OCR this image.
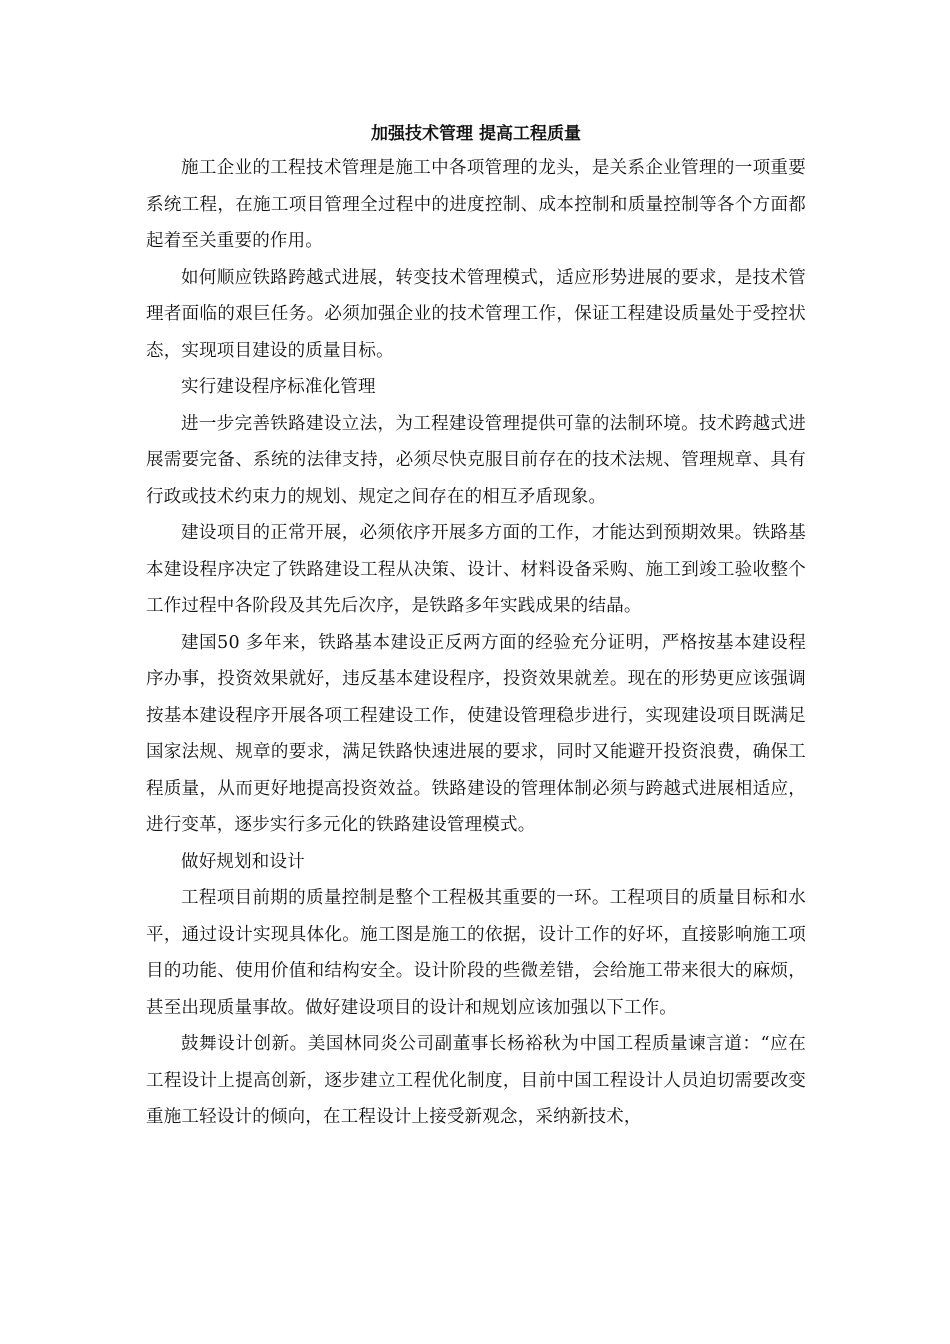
加强技术管理 提高工程质量

施工企业的工程技术管理是施工中各项管理的龙头，是关系企业管理的一项重要系统工程，在施工项目管理全过程中的进度控制、成本控制和质量控制等各个方面都起着至关重要的作用。

如何顺应铁路跨越式进展，转变技术管理模式，适应形势进展的要求，是技术管理者面临的艰巨任务。必须加强企业的技术管理工作，保证工程建设质量处于受控状态，实现项目建设的质量目标。

实行建设程序标准化管理

进一步完善铁路建设立法，为工程建设管理提供可靠的法制环境。技术跨越式进展需要完备、系统的法律支持，必须尽快克服目前存在的技术法规、管理规章、具有行政或技术约束力的规划、规定之间存在的相互矛盾现象。

建设项目的正常开展，必须依序开展多方面的工作，才能达到预期效果。铁路基本建设程序决定了铁路建设工程从决策、设计、材料设备采购、施工到竣工验收整个工作过程中各阶段及其先后次序，是铁路多年实践成果的结晶。

建国50 多年来，铁路基本建设正反两方面的经验充分证明，严格按基本建设程序办事，投资效果就好，违反基本建设程序，投资效果就差。现在的形势更应该强调按基本建设程序开展各项工程建设工作，使建设管理稳步进行，实现建设项目既满足国家法规、规章的要求，满足铁路快速进展的要求，同时又能避开投资浪费，确保工程质量，从而更好地提高投资效益。铁路建设的管理体制必须与跨越式进展相适应，进行变革，逐步实行多元化的铁路建设管理模式。

做好规划和设计

工程项目前期的质量控制是整个工程极其重要的一环。工程项目的质量目标和水平，通过设计实现具体化。施工图是施工的依据，设计工作的好坏，直接影响施工项目的功能、使用价值和结构安全。设计阶段的些微差错，会给施工带来很大的麻烦，甚至出现质量事故。做好建设项目的设计和规划应该加强以下工作。

鼓舞设计创新。美国林同炎公司副董事长杨裕秋为中国工程质量谏言道：“应在工程设计上提高创新，逐步建立工程优化制度，目前中国工程设计人员迫切需要改变重施工轻设计的倾向，在工程设计上接受新观念，采纳新技术，
